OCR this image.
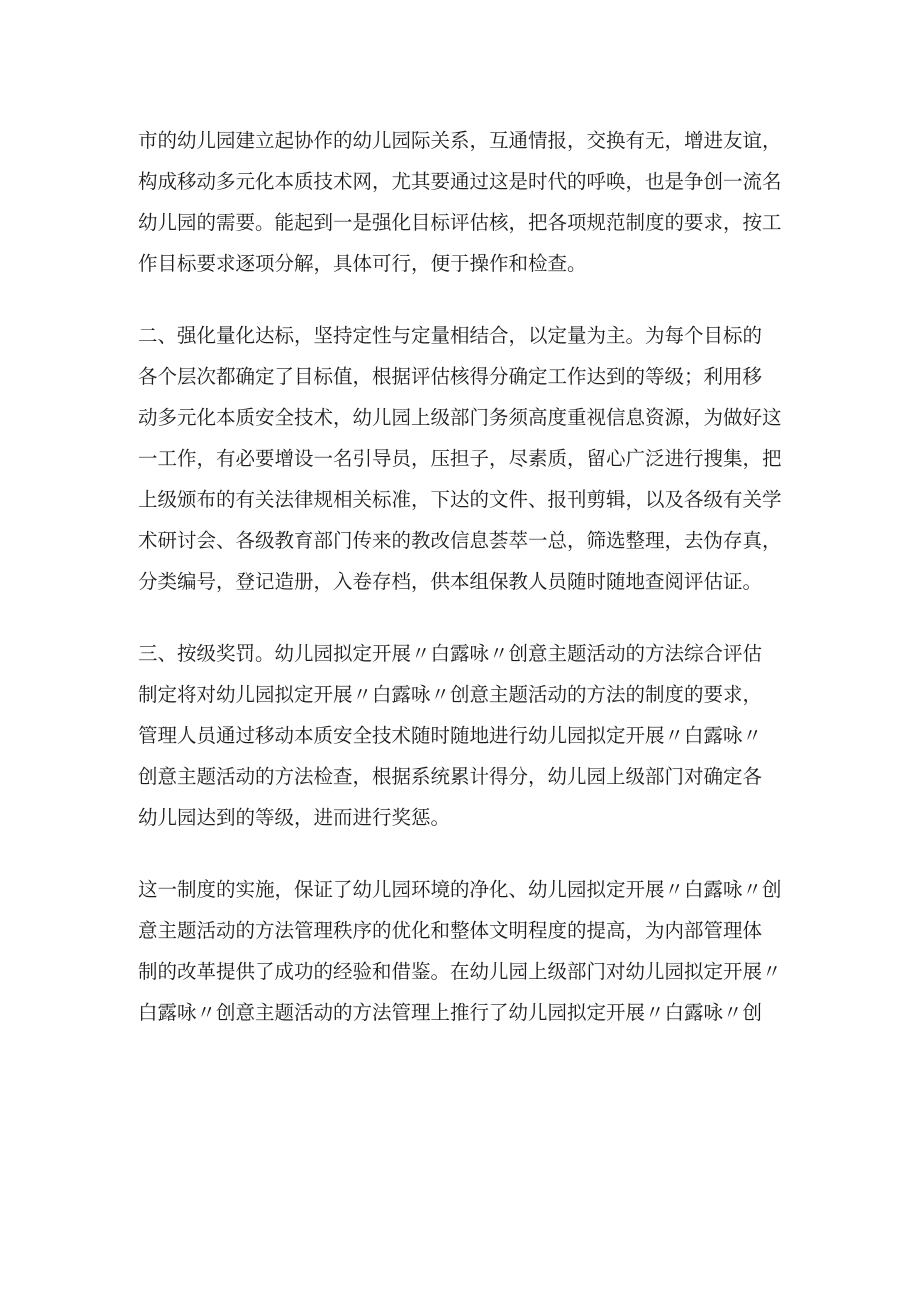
市的幼儿园建立起协作的幼儿园际关系，互通情报，交换有无，增进友谊，
构成移动多元化本质技术网，尤其要通过这是时代的呼唤，也是争创一流名
幼儿园的需要。能起到一是强化目标评估核，把各项规范制度的要求，按工
作目标要求逐项分解，具体可行，便于操作和检查。

二、强化量化达标，坚持定性与定量相结合，以定量为主。为每个目标的
各个层次都确定了目标值，根据评估核得分确定工作达到的等级；利用移
动多元化本质安全技术，幼儿园上级部门务须高度重视信息资源，为做好这
一工作，有必要增设一名引导员，压担子，尽素质，留心广泛进行搜集，把
上级颁布的有关法律规相关标准，下达的文件、报刊剪辑，以及各级有关学
术研讨会、各级教育部门传来的教改信息荟萃一总，筛选整理，去伪存真，
分类编号，登记造册，入卷存档，供本组保教人员随时随地查阅评估证。

三、按级奖罚。幼儿园拟定开展〃白露咏〃创意主题活动的方法综合评估
制定将对幼儿园拟定开展〃白露咏〃创意主题活动的方法的制度的要求，
管理人员通过移动本质安全技术随时随地进行幼儿园拟定开展〃白露咏〃
创意主题活动的方法检查，根据系统累计得分，幼儿园上级部门对确定各
幼儿园达到的等级，进而进行奖惩。

这一制度的实施，保证了幼儿园环境的净化、幼儿园拟定开展〃白露咏〃创
意主题活动的方法管理秩序的优化和整体文明程度的提高，为内部管理体
制的改革提供了成功的经验和借鉴。在幼儿园上级部门对幼儿园拟定开展〃
白露咏〃创意主题活动的方法管理上推行了幼儿园拟定开展〃白露咏〃创
